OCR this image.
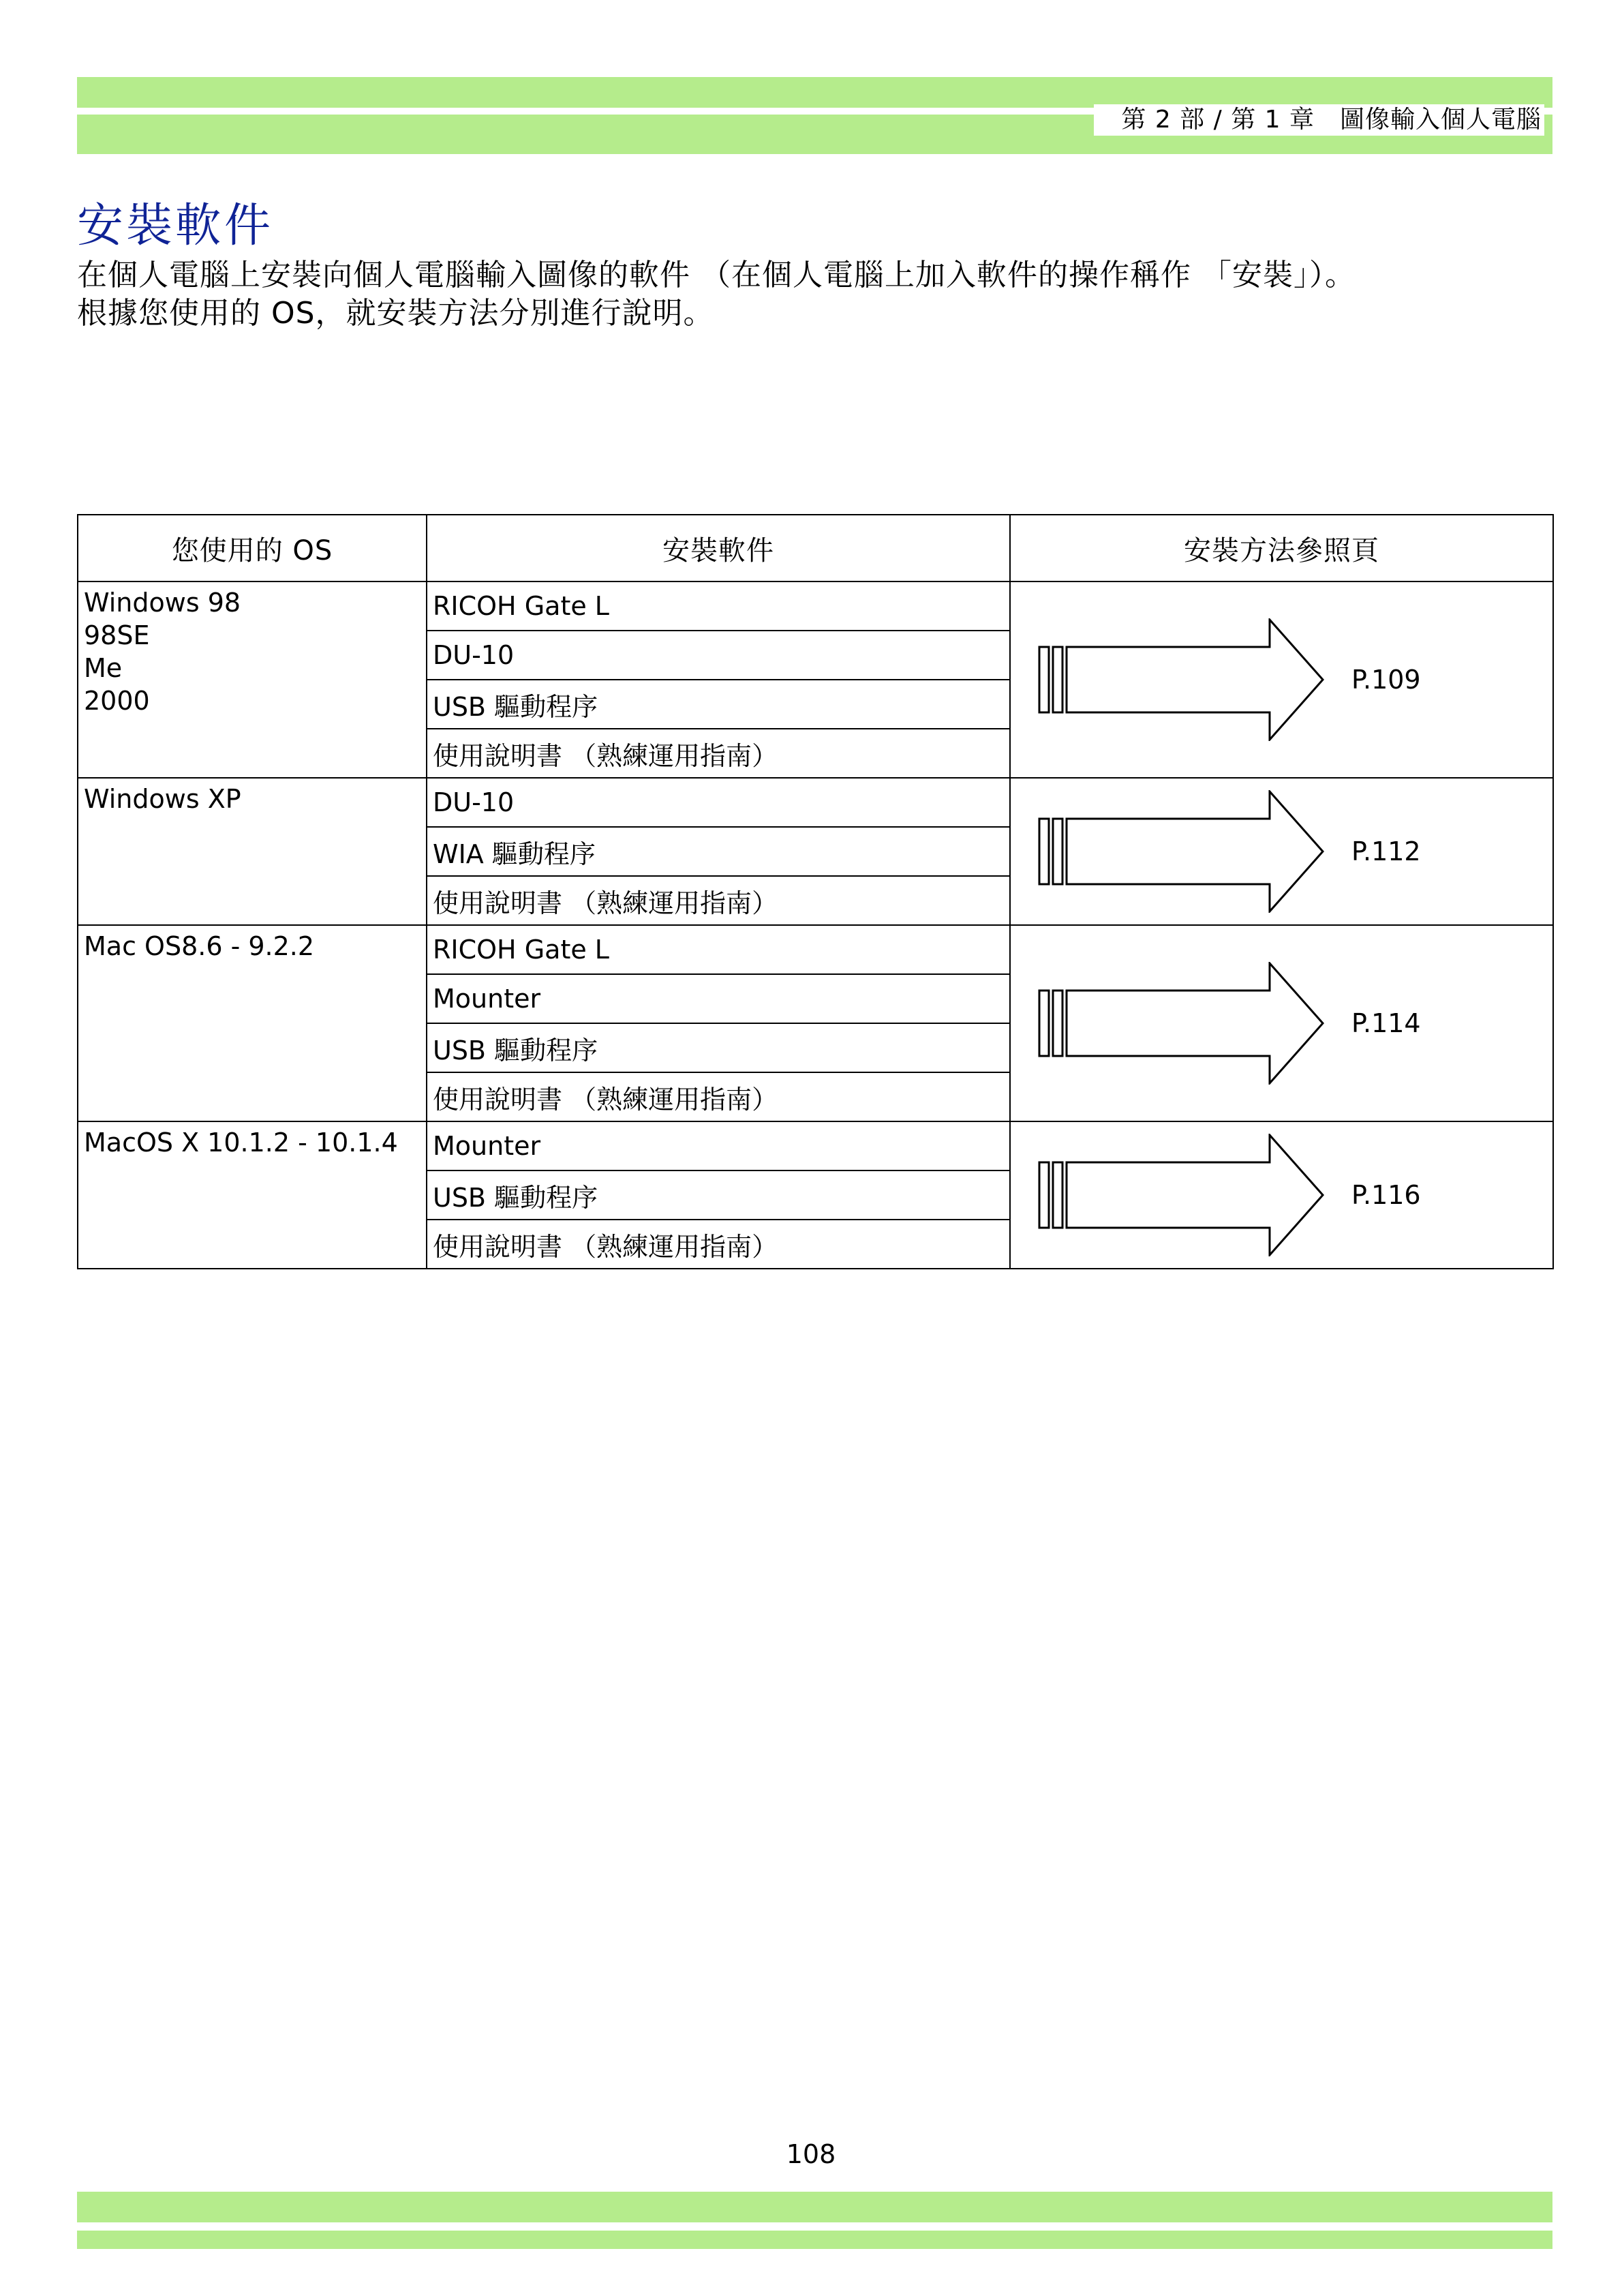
第 2 部 / 第 1 章　圖像輸入個人電腦
安裝軟件

在個人電腦上安裝向個人電腦輸入圖像的軟件 （在個人電腦上加入軟件的操作稱作 「安裝」）。

根據您使用的 OS，就安裝方法分別進行說明。

您使用的 OS	安裝軟件	安裝方法參照頁

Windows 98
98SE
Me
2000	RICOH Gate L	P.109

	DU-10	
	USB 驅動程序	
	使用說明書 （熟練運用指南）	

Windows XP	DU-10	P.112

	WIA 驅動程序	
	使用說明書 （熟練運用指南）	

Mac OS8.6 - 9.2.2	RICOH Gate L	P.114

	Mounter	
	USB 驅動程序	
	使用說明書 （熟練運用指南）	

MacOS X 10.1.2 - 10.1.4	Mounter	P.116

	USB 驅動程序	
	使用說明書 （熟練運用指南）	
108
